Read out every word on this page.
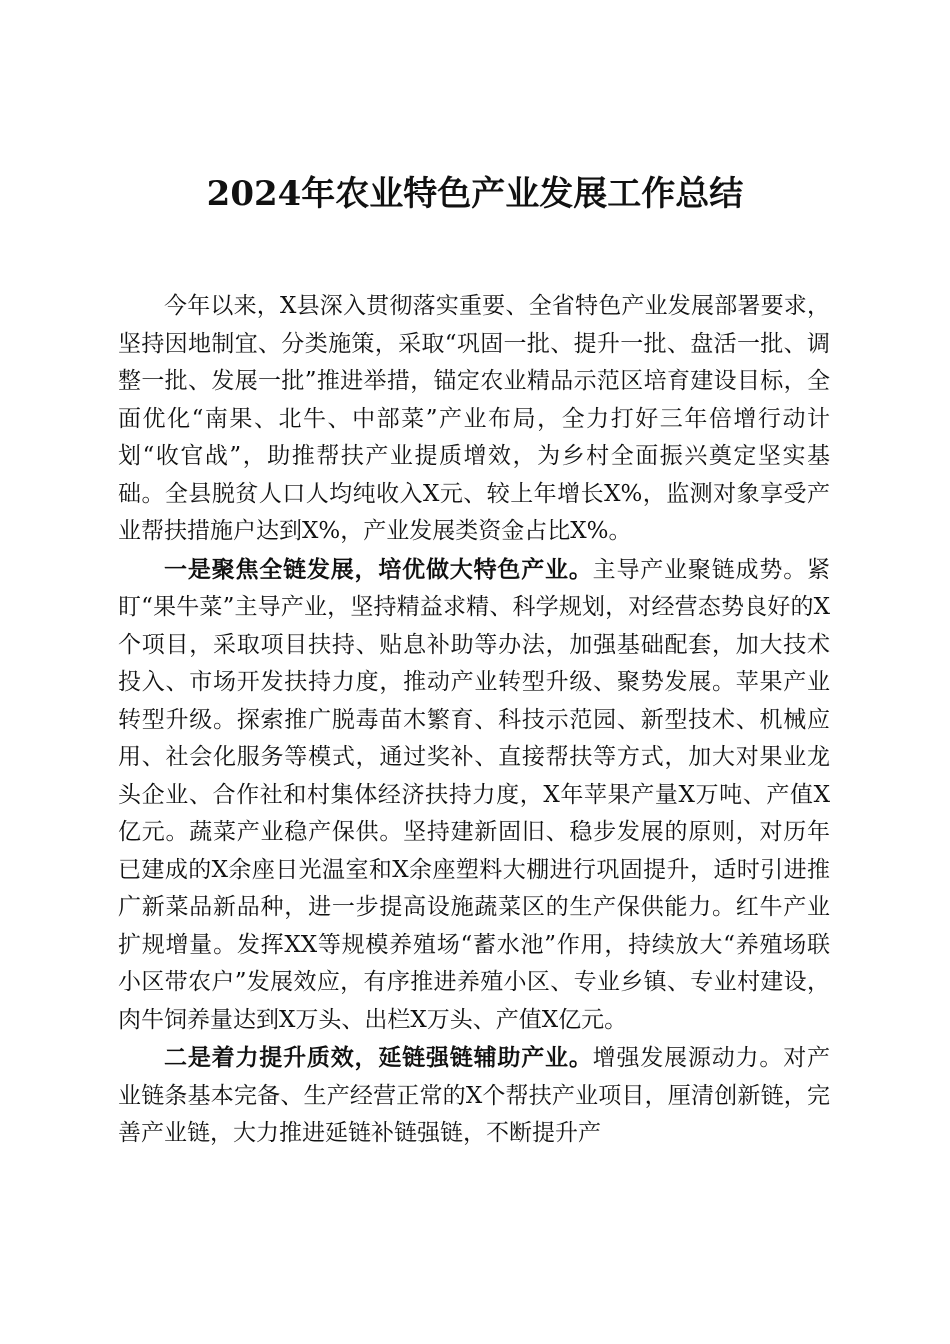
2024年农业特色产业发展工作总结

今年以来，X县深入贯彻落实重要、全省特色产业发展部署要求，坚持因地制宜、分类施策，采取“巩固一批、提升一批、盘活一批、调整一批、发展一批”推进举措，锚定农业精品示范区培育建设目标，全面优化“南果、北牛、中部菜”产业布局，全力打好三年倍增行动计划“收官战”，助推帮扶产业提质增效，为乡村全面振兴奠定坚实基础。全县脱贫人口人均纯收入X元、较上年增长X%，监测对象享受产业帮扶措施户达到X%，产业发展类资金占比X%。

一是聚焦全链发展，培优做大特色产业。主导产业聚链成势。紧盯“果牛菜”主导产业，坚持精益求精、科学规划，对经营态势良好的X个项目，采取项目扶持、贴息补助等办法，加强基础配套，加大技术投入、市场开发扶持力度，推动产业转型升级、聚势发展。苹果产业转型升级。探索推广脱毒苗木繁育、科技示范园、新型技术、机械应用、社会化服务等模式，通过奖补、直接帮扶等方式，加大对果业龙头企业、合作社和村集体经济扶持力度，X年苹果产量X万吨、产值X亿元。蔬菜产业稳产保供。坚持建新固旧、稳步发展的原则，对历年已建成的X余座日光温室和X余座塑料大棚进行巩固提升，适时引进推广新菜品新品种，进一步提高设施蔬菜区的生产保供能力。红牛产业扩规增量。发挥XX等规模养殖场“蓄水池”作用，持续放大“养殖场联小区带农户”发展效应，有序推进养殖小区、专业乡镇、专业村建设，肉牛饲养量达到X万头、出栏X万头、产值X亿元。

二是着力提升质效，延链强链辅助产业。增强发展源动力。对产业链条基本完备、生产经营正常的X个帮扶产业项目，厘清创新链，完善产业链，大力推进延链补链强链，不断提升产
